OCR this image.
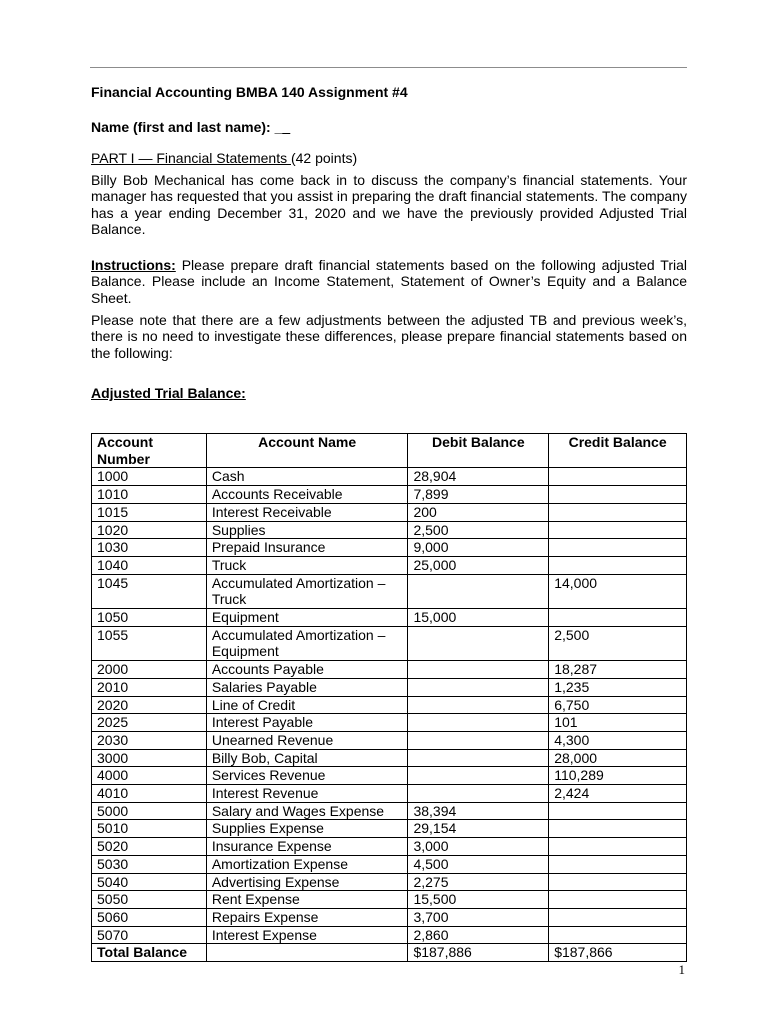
Financial Accounting BMBA 140 Assignment #4
Name (first and last name): __
PART I — Financial Statements (42 points)

Billy Bob Mechanical has come back in to discuss the company’s financial statements. Your manager has requested that you assist in preparing the draft financial statements. The company has a year ending December 31, 2020 and we have the previously provided Adjusted Trial Balance.

Instructions: Please prepare draft financial statements based on the following adjusted Trial Balance. Please include an Income Statement, Statement of Owner’s Equity and a Balance Sheet.

Please note that there are a few adjustments between the adjusted TB and previous week’s, there is no need to investigate these differences, please prepare financial statements based on the following:

Adjusted Trial Balance:
Account Number	Account Name	Debit Balance	Credit Balance
1000	Cash	28,904	
1010	Accounts Receivable	7,899	
1015	Interest Receivable	200	
1020	Supplies	2,500	
1030	Prepaid Insurance	9,000	
1040	Truck	25,000	
1045	Accumulated Amortization – Truck		14,000
1050	Equipment	15,000	
1055	Accumulated Amortization – Equipment		2,500
2000	Accounts Payable		18,287
2010	Salaries Payable		1,235
2020	Line of Credit		6,750
2025	Interest Payable		101
2030	Unearned Revenue		4,300
3000	Billy Bob, Capital		28,000
4000	Services Revenue		110,289
4010	Interest Revenue		2,424
5000	Salary and Wages Expense	38,394	
5010	Supplies Expense	29,154	
5020	Insurance Expense	3,000	
5030	Amortization Expense	4,500	
5040	Advertising Expense	2,275	
5050	Rent Expense	15,500	
5060	Repairs Expense	3,700	
5070	Interest Expense	2,860	
Total Balance		$187,886	$187,866
1
